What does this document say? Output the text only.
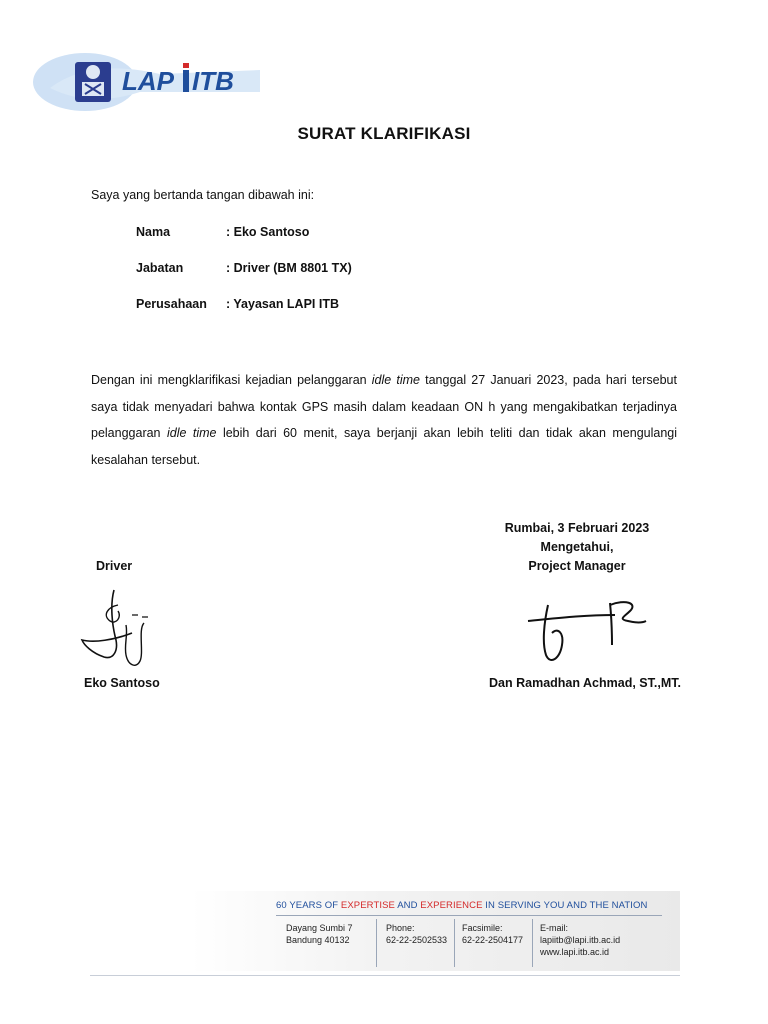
LAP ITB
SURAT KLARIFIKASI
Saya yang bertanda tangan dibawah ini:
Nama	: Eko Santoso
Jabatan	: Driver (BM 8801 TX)
Perusahaan : Yayasan LAPI ITB
Dengan ini mengklarifikasi kejadian pelanggaran idle time tanggal 27 Januari 2023, pada hari tersebut saya tidak menyadari bahwa kontak GPS masih dalam keadaan ON h yang mengakibatkan terjadinya pelanggaran idle time lebih dari 60 menit, saya berjanji akan lebih teliti dan tidak akan mengulangi kesalahan tersebut.
Rumbai, 3 Februari 2023
Mengetahui,
Project Manager
Driver
Eko Santoso	Dan Ramadhan Achmad, ST.,MT.
60 YEARS OF EXPERTISE AND EXPERIENCE IN SERVING YOU AND THE NATION
Dayang Sumbi 7
Bandung 40132
Phone:
62-22-2502533
Facsimile:
62-22-2504177
E-mail:
lapiitb@lapi.itb.ac.id
www.lapi.itb.ac.id
